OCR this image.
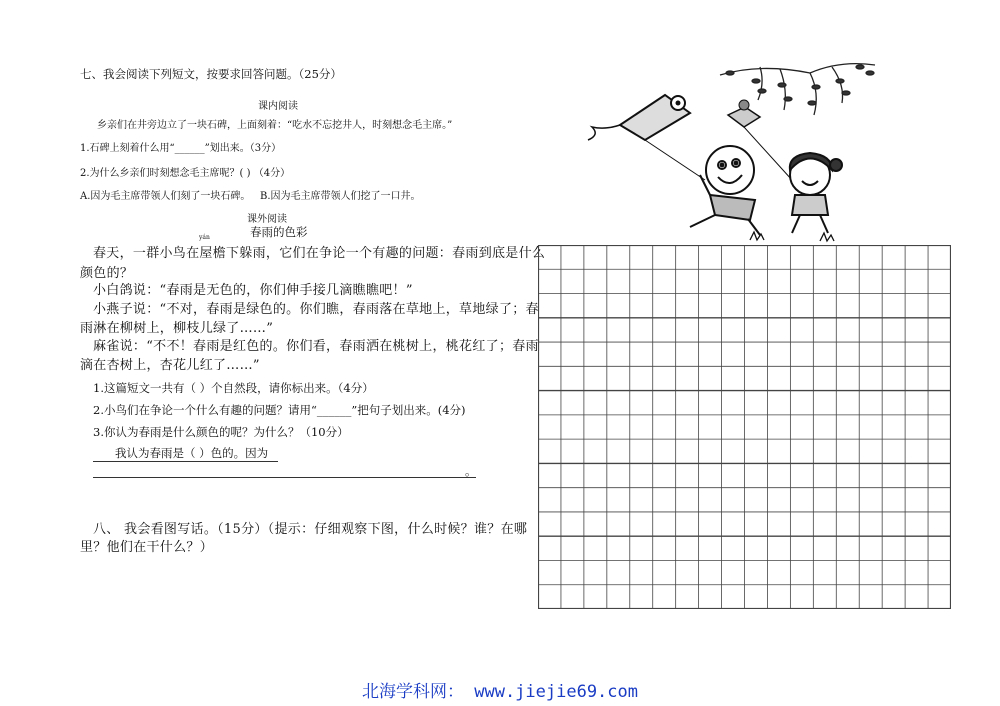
七、我会阅读下列短文，按要求回答问题。（25分）
课内阅读
乡亲们在井旁边立了一块石碑，上面刻着：“吃水不忘挖井人，时刻想念毛主席。”
1.石碑上刻着什么用“______”划出来。（3分）
2.为什么乡亲们时刻想念毛主席呢？( ) （4分）
A.因为毛主席带领人们刻了一块石碑。 B.因为毛主席带领人们挖了一口井。
课外阅读
春雨的色彩
yán
春天，一群小鸟在屋檐下躲雨，它们在争论一个有趣的问题：春雨到底是什么
颜色的？
小白鸽说：“春雨是无色的，你们伸手接几滴瞧瞧吧！”
小燕子说：“不对，春雨是绿色的。你们瞧，春雨落在草地上，草地绿了；春
雨淋在柳树上，柳枝儿绿了……”
麻雀说：“不不！春雨是红色的。你们看，春雨洒在桃树上，桃花红了；春雨
滴在杏树上，杏花儿红了……”
1.这篇短文一共有（ ）个自然段，请你标出来。（4分）
2.小鸟们在争论一个什么有趣的问题？请用“______”把句子划出来。(4分)
3.你认为春雨是什么颜色的呢？为什么？（10分）
我认为春雨是（ ）色的。因为
。
八、 我会看图写话。（15分）（提示：仔细观察下图，什么时候？谁？在哪
里？他们在干什么？）
北海学科网： www.jiejie69.com
